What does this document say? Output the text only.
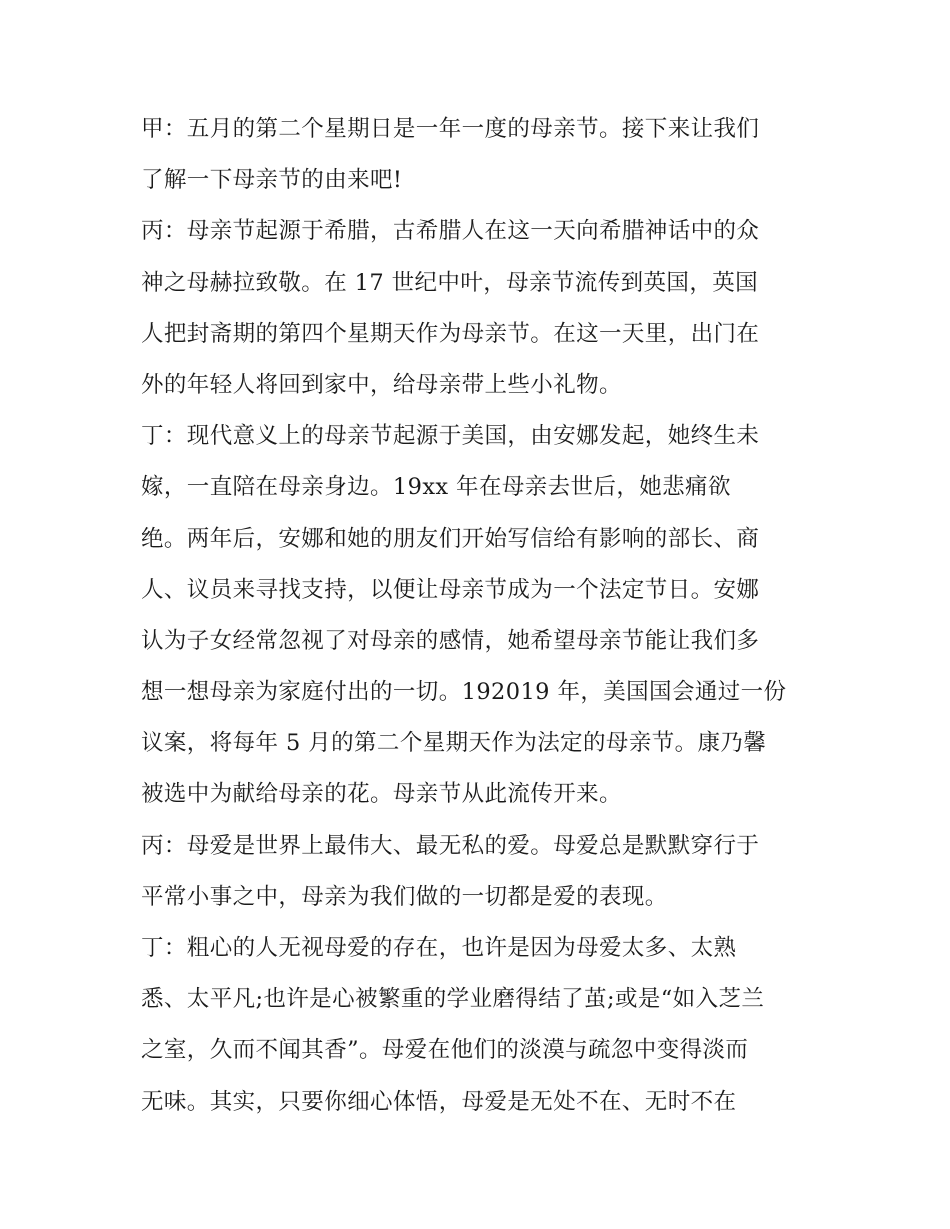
甲：五月的第二个星期日是一年一度的母亲节。接下来让我们
了解一下母亲节的由来吧!
丙：母亲节起源于希腊，古希腊人在这一天向希腊神话中的众
神之母赫拉致敬。在 17 世纪中叶，母亲节流传到英国，英国
人把封斋期的第四个星期天作为母亲节。在这一天里，出门在
外的年轻人将回到家中，给母亲带上些小礼物。
丁：现代意义上的母亲节起源于美国，由安娜发起，她终生未
嫁，一直陪在母亲身边。19xx 年在母亲去世后，她悲痛欲
绝。两年后，安娜和她的朋友们开始写信给有影响的部长、商
人、议员来寻找支持，以便让母亲节成为一个法定节日。安娜
认为子女经常忽视了对母亲的感情，她希望母亲节能让我们多
想一想母亲为家庭付出的一切。192019 年，美国国会通过一份
议案，将每年 5 月的第二个星期天作为法定的母亲节。康乃馨
被选中为献给母亲的花。母亲节从此流传开来。
丙：母爱是世界上最伟大、最无私的爱。母爱总是默默穿行于
平常小事之中，母亲为我们做的一切都是爱的表现。
丁：粗心的人无视母爱的存在，也许是因为母爱太多、太熟
悉、太平凡;也许是心被繁重的学业磨得结了茧;或是“如入芝兰
之室，久而不闻其香”。母爱在他们的淡漠与疏忽中变得淡而
无味。其实，只要你细心体悟，母爱是无处不在、无时不在
